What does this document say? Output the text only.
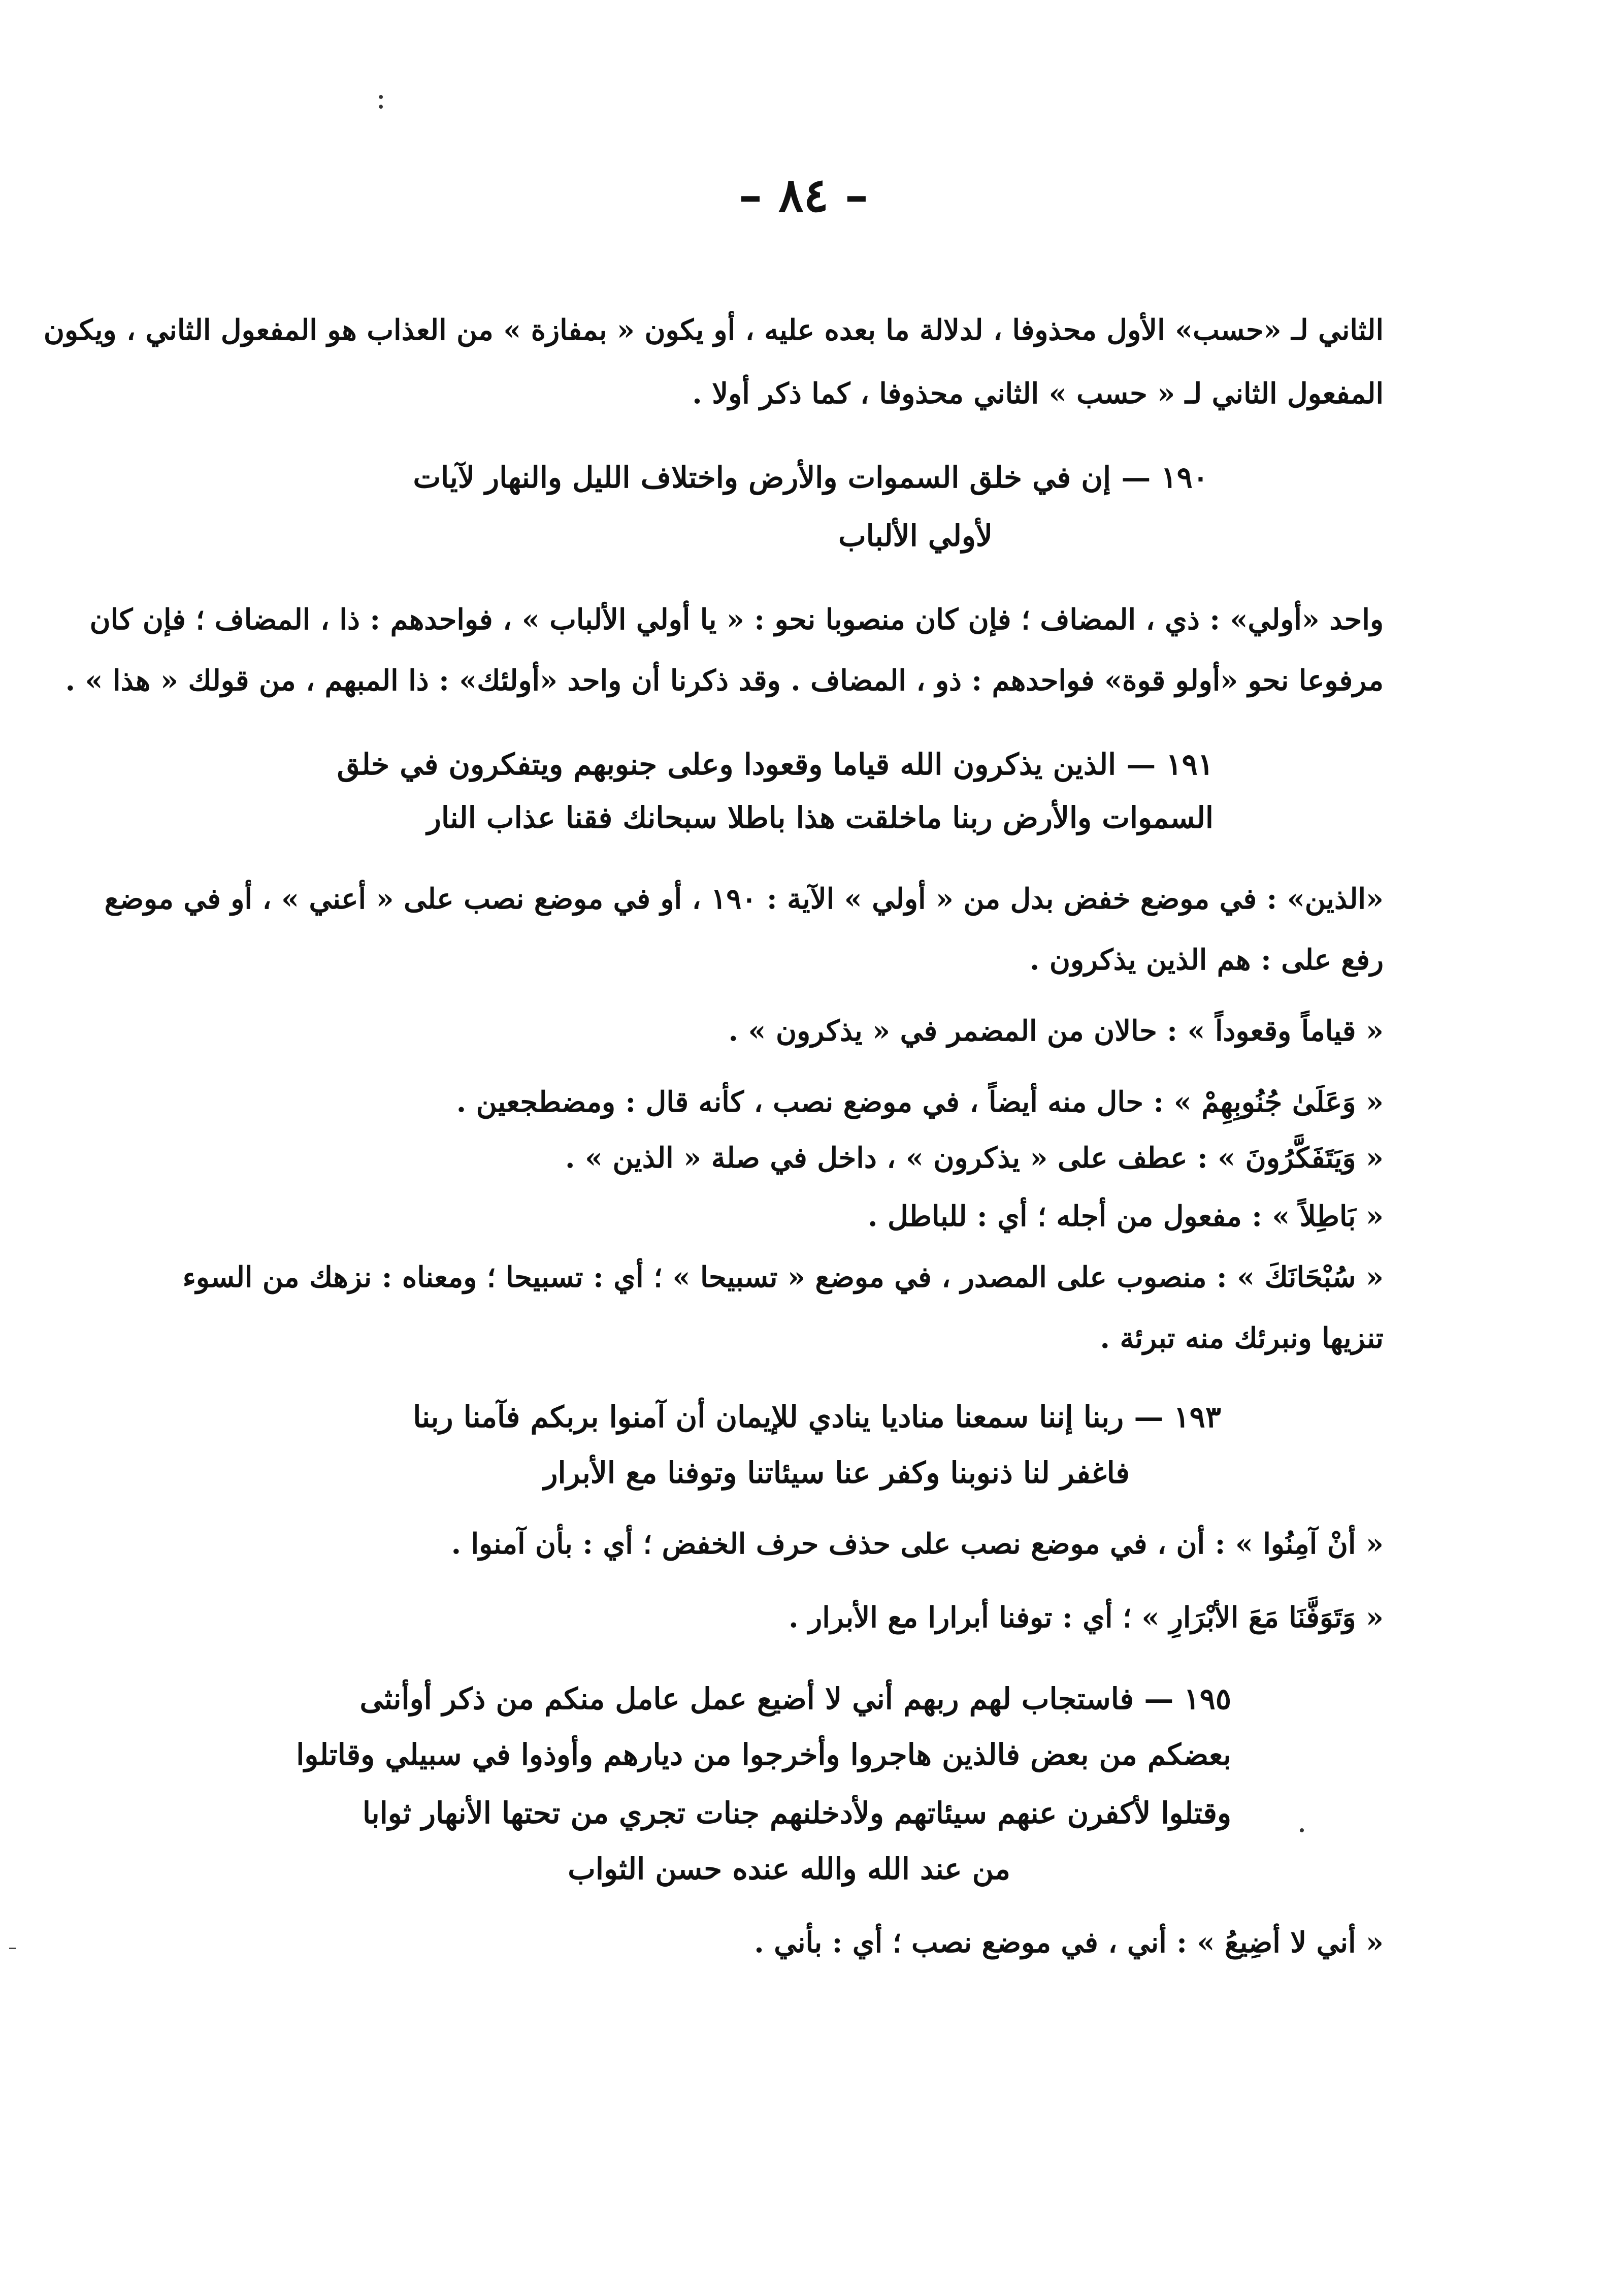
:
– ٨٤ –
الثاني لـ «حسب» الأول محذوفا ، لدلالة ما بعده عليه ، أو يكون « بمفازة » من العذاب هو المفعول الثاني ، ويكون
المفعول الثاني لـ « حسب » الثاني محذوفا ، كما ذكر أولا .
١٩٠ — إن في خلق السموات والأرض واختلاف الليل والنهار لآيات
لأولي الألباب
واحد «أولي» : ذي ، المضاف ؛ فإن كان منصوبا نحو : « يا أولي الألباب » ، فواحدهم : ذا ، المضاف ؛ فإن كان
مرفوعا نحو «أولو قوة» فواحدهم : ذو ، المضاف . وقد ذكرنا أن واحد «أولئك» : ذا المبهم ، من قولك « هذا » .
١٩١ — الذين يذكرون الله قياما وقعودا وعلى جنوبهم ويتفكرون في خلق
السموات والأرض ربنا ماخلقت هذا باطلا سبحانك فقنا عذاب النار
«الذين» : في موضع خفض بدل من « أولي » الآية : ١٩٠ ، أو في موضع نصب على « أعني » ، أو في موضع
رفع على : هم الذين يذكرون .
« قياماً وقعوداً » : حالان من المضمر في « يذكرون » .
« وَعَلَىٰ جُنُوبِهِمْ » : حال منه أيضاً ، في موضع نصب ، كأنه قال : ومضطجعين .
« وَيَتَفَكَّرُونَ » : عطف على « يذكرون » ، داخل في صلة « الذين » .
« بَاطِلاً » : مفعول من أجله ؛ أي : للباطل .
« سُبْحَانَكَ » : منصوب على المصدر ، في موضع « تسبيحا » ؛ أي : تسبيحا ؛ ومعناه : نزهك من السوء
تنزيها ونبرئك منه تبرئة .
١٩٣ — ربنا إننا سمعنا مناديا ينادي للإيمان أن آمنوا بربكم فآمنا ربنا
فاغفر لنا ذنوبنا وكفر عنا سيئاتنا وتوفنا مع الأبرار
« أنْ آمِنُوا » : أن ، في موضع نصب على حذف حرف الخفض ؛ أي : بأن آمنوا .
« وَتَوَفَّنَا مَعَ الأبْرَارِ » ؛ أي : توفنا أبرارا مع الأبرار .
١٩٥ — فاستجاب لهم ربهم أني لا أضيع عمل عامل منكم من ذكر أوأنثى
بعضكم من بعض فالذين هاجروا وأخرجوا من ديارهم وأوذوا في سبيلي وقاتلوا
وقتلوا لأكفرن عنهم سيئاتهم ولأدخلنهم جنات تجري من تحتها الأنهار ثوابا
من عند الله والله عنده حسن الثواب
« أني لا أضِيعُ » : أني ، في موضع نصب ؛ أي : بأني .
